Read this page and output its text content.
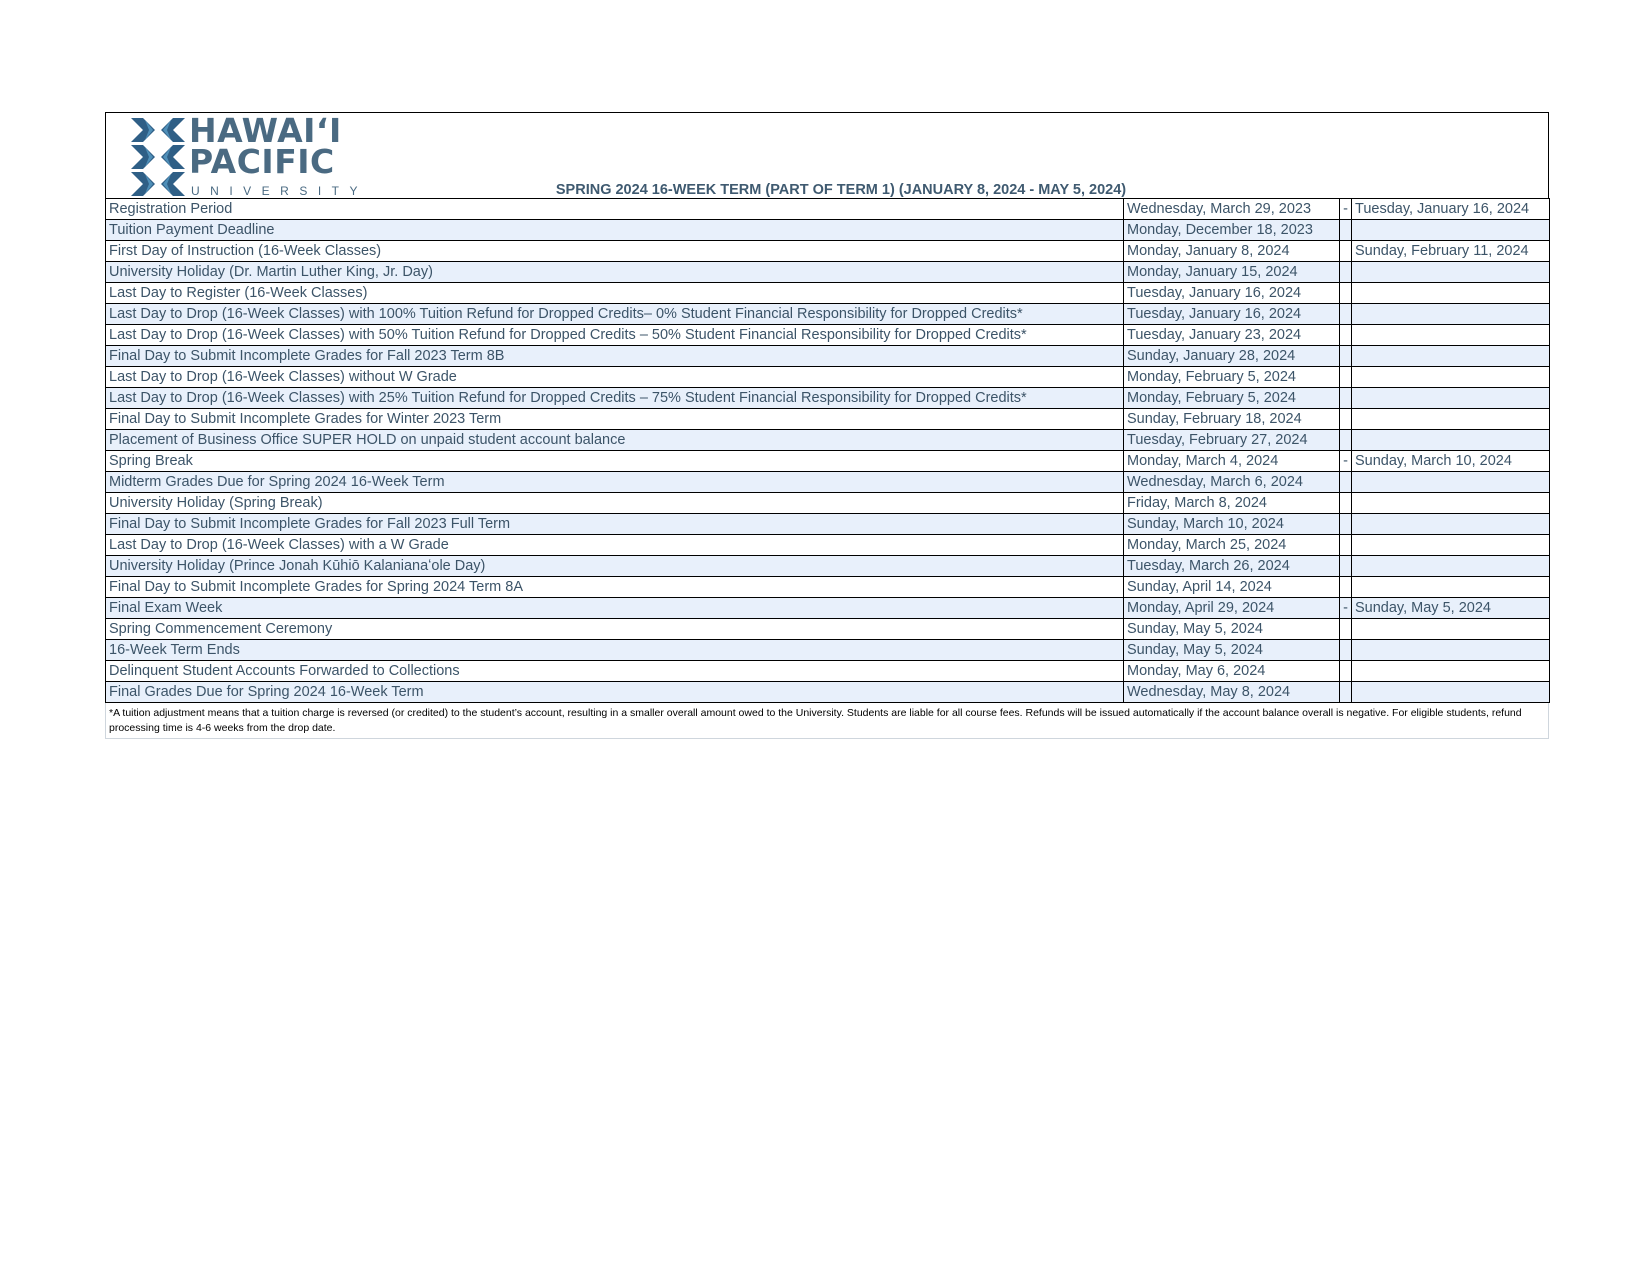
HAWAIʻI
PACIFIC
UNIVERSITY	SPRING 2024 16-WEEK TERM (PART OF TERM 1) (JANUARY 8, 2024 - MAY 5, 2024)
Registration Period	Wednesday, March 29, 2023	-	Tuesday, January 16, 2024
Tuition Payment Deadline	Monday, December 18, 2023		
First Day of Instruction (16-Week Classes)	Monday, January 8, 2024		Sunday, February 11, 2024
University Holiday (Dr. Martin Luther King, Jr. Day)	Monday, January 15, 2024		
Last Day to Register (16-Week Classes)	Tuesday, January 16, 2024		
Last Day to Drop (16-Week Classes) with 100% Tuition Refund for Dropped Credits– 0% Student Financial Responsibility for Dropped Credits*	Tuesday, January 16, 2024		
Last Day to Drop (16-Week Classes) with 50% Tuition Refund for Dropped Credits – 50% Student Financial Responsibility for Dropped Credits*	Tuesday, January 23, 2024		
Final Day to Submit Incomplete Grades for Fall 2023 Term 8B	Sunday, January 28, 2024		
Last Day to Drop (16-Week Classes) without W Grade	Monday, February 5, 2024		
Last Day to Drop (16-Week Classes) with 25% Tuition Refund for Dropped Credits – 75% Student Financial Responsibility for Dropped Credits*	Monday, February 5, 2024		
Final Day to Submit Incomplete Grades for Winter 2023 Term	Sunday, February 18, 2024		
Placement of Business Office SUPER HOLD on unpaid student account balance	Tuesday, February 27, 2024		
Spring Break	Monday, March 4, 2024	-	Sunday, March 10, 2024
Midterm Grades Due for Spring 2024 16-Week Term	Wednesday, March 6, 2024		
University Holiday (Spring Break)	Friday, March 8, 2024		
Final Day to Submit Incomplete Grades for Fall 2023 Full Term	Sunday, March 10, 2024		
Last Day to Drop (16-Week Classes) with a W Grade	Monday, March 25, 2024		
University Holiday (Prince Jonah Kūhiō Kalanianaʻole Day)	Tuesday, March 26, 2024		
Final Day to Submit Incomplete Grades for Spring 2024 Term 8A	Sunday, April 14, 2024		
Final Exam Week	Monday, April 29, 2024	-	Sunday, May 5, 2024
Spring Commencement Ceremony	Sunday, May 5, 2024		
16-Week Term Ends	Sunday, May 5, 2024		
Delinquent Student Accounts Forwarded to Collections	Monday, May 6, 2024		
Final Grades Due for Spring 2024 16-Week Term	Wednesday, May 8, 2024		
*A tuition adjustment means that a tuition charge is reversed (or credited) to the student’s account, resulting in a smaller overall amount owed to the University. Students are liable for all course fees. Refunds will be issued automatically if the account balance overall is negative. For eligible students, refund processing time is 4-6 weeks from the drop date.
